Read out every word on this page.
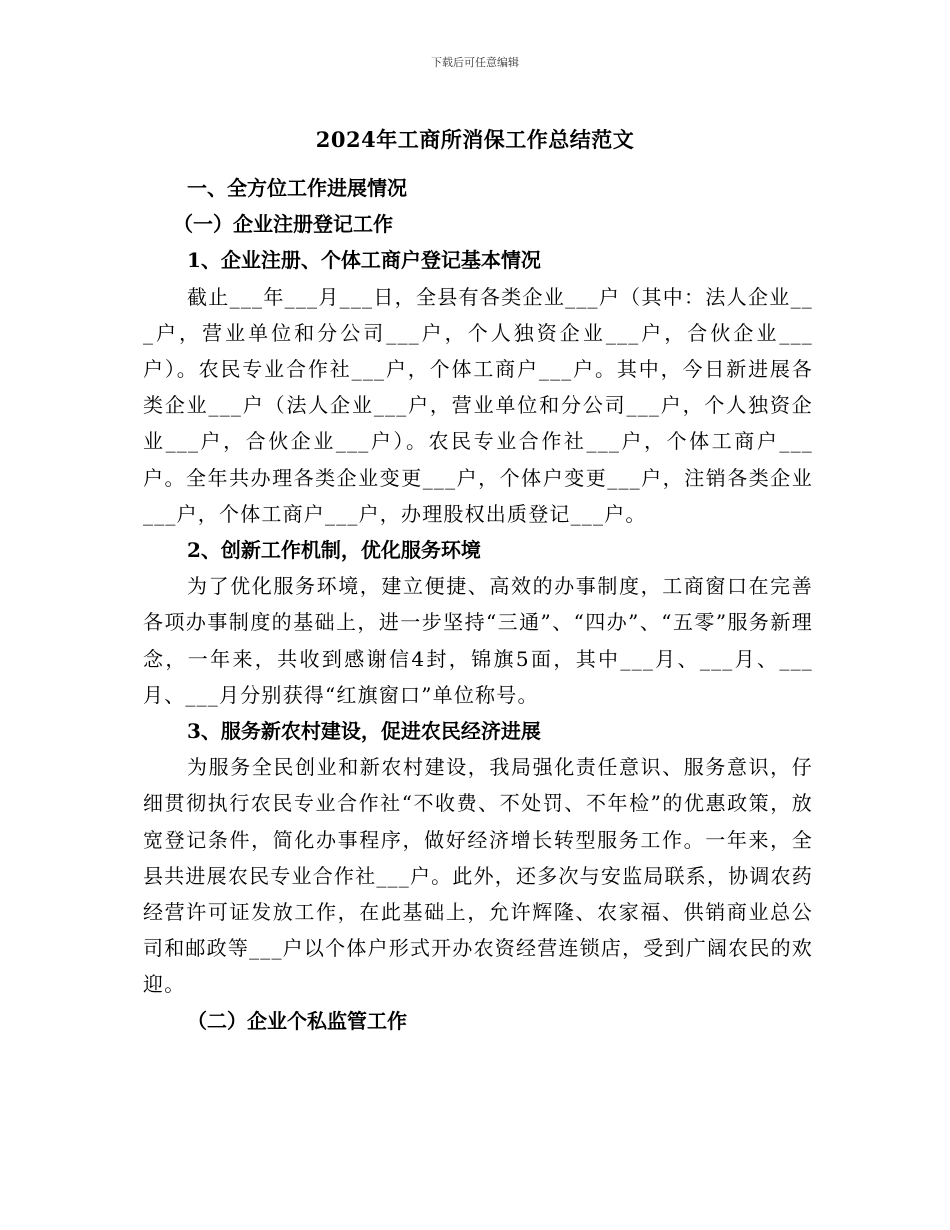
下载后可任意编辑
2024年工商所消保工作总结范文
一、全方位工作进展情况
（一）企业注册登记工作
1、企业注册、个体工商户登记基本情况

截止___年___月___日，全县有各类企业___户（其中：法人企业___户，营业单位和分公司___户，个人独资企业___户，合伙企业___户）。农民专业合作社___户，个体工商户___户。其中，今日新进展各类企业___户（法人企业___户，营业单位和分公司___户，个人独资企业___户，合伙企业___户）。农民专业合作社___户，个体工商户___户。全年共办理各类企业变更___户，个体户变更___户，注销各类企业___户，个体工商户___户，办理股权出质登记___户。

2、创新工作机制，优化服务环境

为了优化服务环境，建立便捷、高效的办事制度，工商窗口在完善各项办事制度的基础上，进一步坚持“三通”、“四办”、“五零”服务新理念，一年来，共收到感谢信4封，锦旗5面，其中___月、___月、___月、___月分别获得“红旗窗口”单位称号。

3、服务新农村建设，促进农民经济进展

为服务全民创业和新农村建设，我局强化责任意识、服务意识，仔细贯彻执行农民专业合作社“不收费、不处罚、不年检”的优惠政策，放宽登记条件，简化办事程序，做好经济增长转型服务工作。一年来，全县共进展农民专业合作社___户。此外，还多次与安监局联系，协调农药经营许可证发放工作，在此基础上，允许辉隆、农家福、供销商业总公司和邮政等___户以个体户形式开办农资经营连锁店，受到广阔农民的欢迎。

（二）企业个私监管工作
